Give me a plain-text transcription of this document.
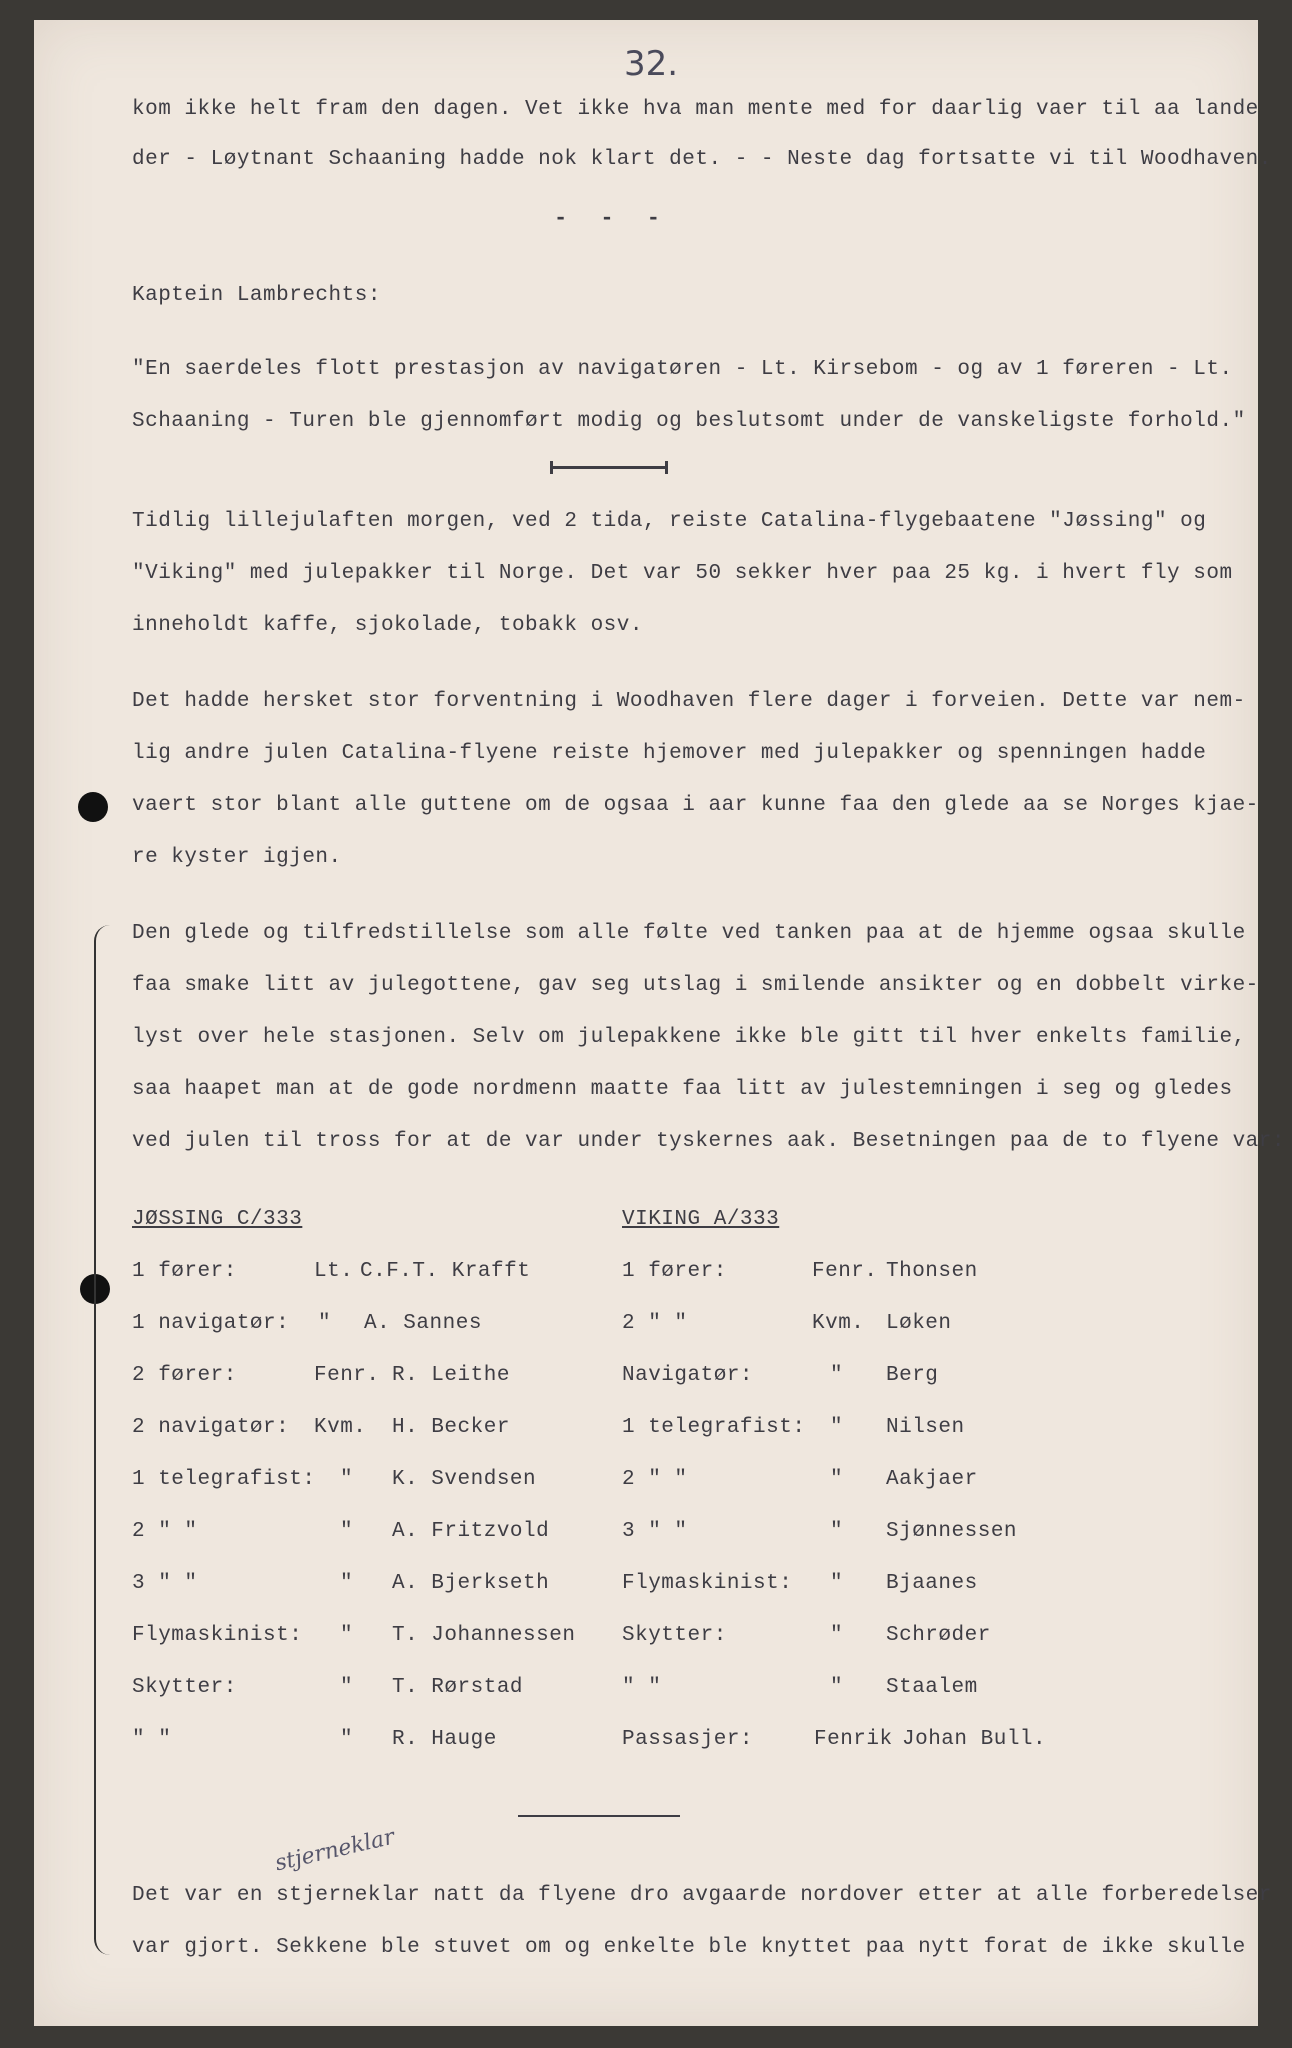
32.
kom ikke helt fram den dagen. Vet ikke hva man mente med for daarlig vaer til aa lande
der - Løytnant Schaaning hadde nok klart det. - - Neste dag fortsatte vi til Woodhaven.
- - -
Kaptein Lambrechts:
"En saerdeles flott prestasjon av navigatøren - Lt. Kirsebom - og av 1 føreren - Lt.
Schaaning - Turen ble gjennomført modig og beslutsomt under de vanskeligste forhold."
Tidlig lillejulaften morgen, ved 2 tida, reiste Catalina-flygebaatene "Jøssing" og
"Viking" med julepakker til Norge. Det var 50 sekker hver paa 25 kg. i hvert fly som
inneholdt kaffe, sjokolade, tobakk osv.
Det hadde hersket stor forventning i Woodhaven flere dager i forveien. Dette var nem-
lig andre julen Catalina-flyene reiste hjemover med julepakker og spenningen hadde
vaert stor blant alle guttene om de ogsaa i aar kunne faa den glede aa se Norges kjae-
re kyster igjen.
Den glede og tilfredstillelse som alle følte ved tanken paa at de hjemme ogsaa skulle
faa smake litt av julegottene, gav seg utslag i smilende ansikter og en dobbelt virke-
lyst over hele stasjonen. Selv om julepakkene ikke ble gitt til hver enkelts familie,
saa haapet man at de gode nordmenn maatte faa litt av julestemningen i seg og gledes
ved julen til tross for at de var under tyskernes aak. Besetningen paa de to flyene var:
JØSSING C/333
1 fører:	Lt. C.F.T. Krafft
1 navigatør: " A. Sannes
2 fører:	Fenr. R. Leithe
2 navigatør: Kvm. H. Becker
1 telegrafist: " K. Svendsen
2 " "	" A. Fritzvold
3 " "	" A. Bjerkseth
Flymaskinist: " T. Johannessen
Skytter:	" T. Rørstad
" "	" R. Hauge
VIKING A/333
1 fører:	Fenr. Thonsen
2 " "	Kvm. Løken
Navigatør:	" Berg
1 telegrafist: " Nilsen
2 " "	" Aakjaer
3 " "	" Sjønnessen
Flymaskinist: " Bjaanes
Skytter:	" Schrøder
" "	" Staalem
Passasjer:	Fenrik Johan Bull.
stjerneklar
Det var en stjerneklar natt da flyene dro avgaarde nordover etter at alle forberedelser
var gjort. Sekkene ble stuvet om og enkelte ble knyttet paa nytt forat de ikke skulle
